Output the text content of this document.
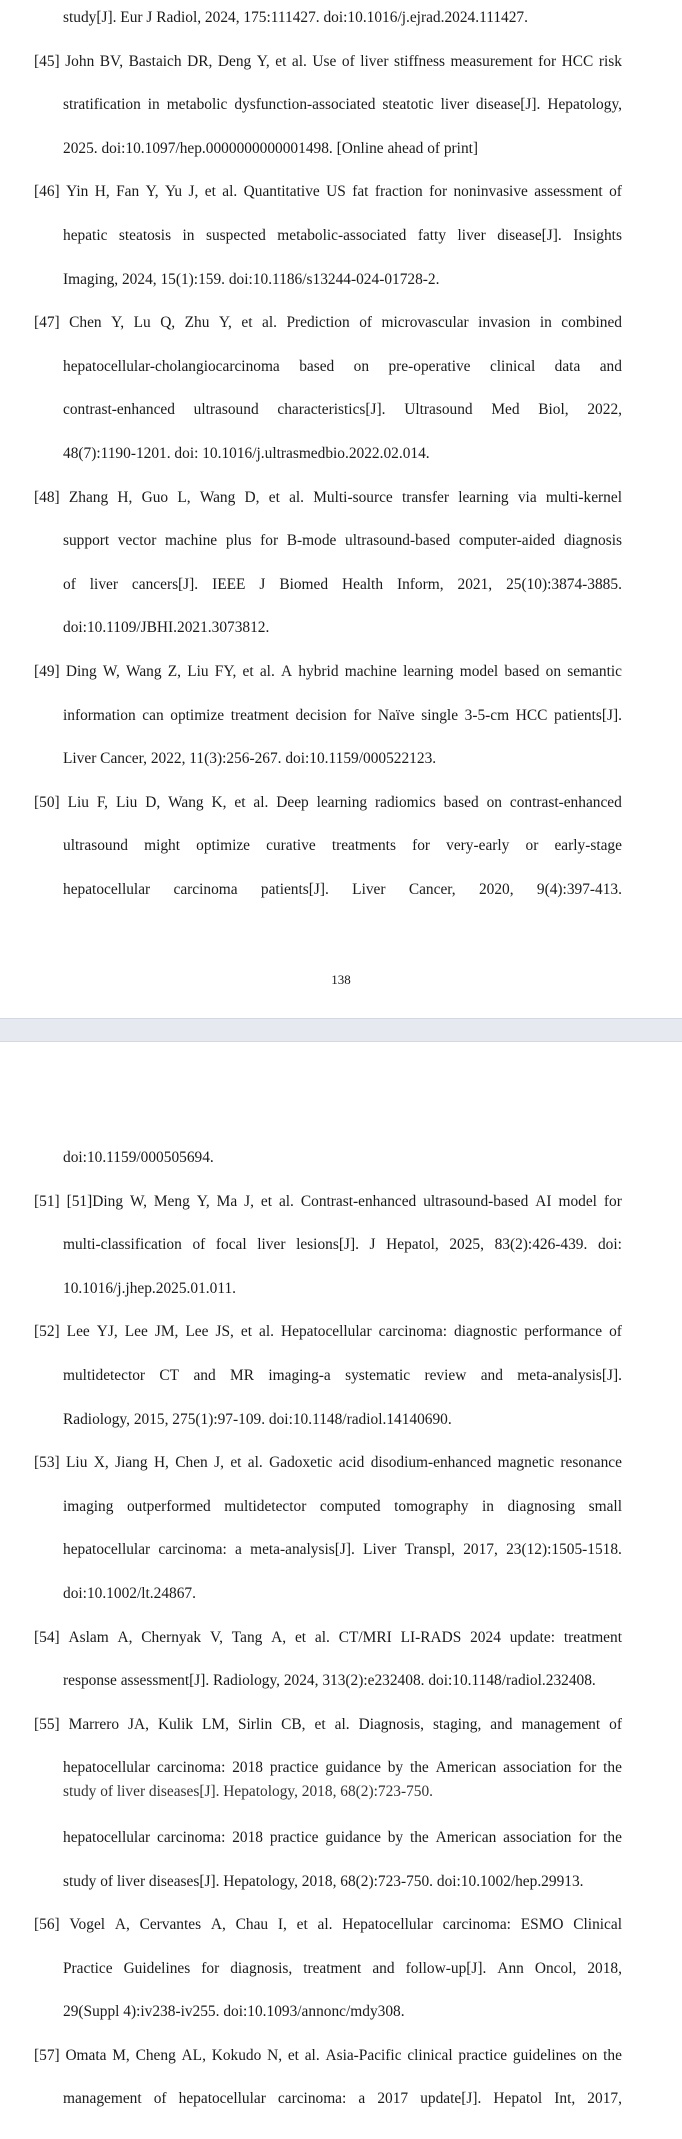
study[J]. Eur J Radiol, 2024, 175:111427. doi:10.1016/j.ejrad.2024.111427.
[45] John BV, Bastaich DR, Deng Y, et al. Use of liver stiffness measurement for HCC risk
stratification in metabolic dysfunction-associated steatotic liver disease[J]. Hepatology,
2025. doi:10.1097/hep.0000000000001498. [Online ahead of print]
[46] Yin H, Fan Y, Yu J, et al. Quantitative US fat fraction for noninvasive assessment of
hepatic steatosis in suspected metabolic-associated fatty liver disease[J]. Insights
Imaging, 2024, 15(1):159. doi:10.1186/s13244-024-01728-2.
[47] Chen Y, Lu Q, Zhu Y, et al. Prediction of microvascular invasion in combined
hepatocellular-cholangiocarcinoma based on pre-operative clinical data and
contrast-enhanced ultrasound characteristics[J]. Ultrasound Med Biol, 2022,
48(7):1190-1201. doi: 10.1016/j.ultrasmedbio.2022.02.014.
[48] Zhang H, Guo L, Wang D, et al. Multi-source transfer learning via multi-kernel
support vector machine plus for B-mode ultrasound-based computer-aided diagnosis
of liver cancers[J]. IEEE J Biomed Health Inform, 2021, 25(10):3874-3885.
doi:10.1109/JBHI.2021.3073812.
[49] Ding W, Wang Z, Liu FY, et al. A hybrid machine learning model based on semantic
information can optimize treatment decision for Naïve single 3-5-cm HCC patients[J].
Liver Cancer, 2022, 11(3):256-267. doi:10.1159/000522123.
[50] Liu F, Liu D, Wang K, et al. Deep learning radiomics based on contrast-enhanced
ultrasound might optimize curative treatments for very-early or early-stage
hepatocellular carcinoma patients[J]. Liver Cancer, 2020, 9(4):397-413.
138
doi:10.1159/000505694.
[51] [51]Ding W, Meng Y, Ma J, et al. Contrast-enhanced ultrasound-based AI model for
multi-classification of focal liver lesions[J]. J Hepatol, 2025, 83(2):426-439. doi:
10.1016/j.jhep.2025.01.011.
[52] Lee YJ, Lee JM, Lee JS, et al. Hepatocellular carcinoma: diagnostic performance of
multidetector CT and MR imaging-a systematic review and meta-analysis[J].
Radiology, 2015, 275(1):97-109. doi:10.1148/radiol.14140690.
[53] Liu X, Jiang H, Chen J, et al. Gadoxetic acid disodium-enhanced magnetic resonance
imaging outperformed multidetector computed tomography in diagnosing small
hepatocellular carcinoma: a meta-analysis[J]. Liver Transpl, 2017, 23(12):1505-1518.
doi:10.1002/lt.24867.
[54] Aslam A, Chernyak V, Tang A, et al. CT/MRI LI-RADS 2024 update: treatment
response assessment[J]. Radiology, 2024, 313(2):e232408. doi:10.1148/radiol.232408.
[55] Marrero JA, Kulik LM, Sirlin CB, et al. Diagnosis, staging, and management of
hepatocellular carcinoma: 2018 practice guidance by the American association for the
study of liver diseases[J]. Hepatology, 2018, 68(2):723-750.
hepatocellular carcinoma: 2018 practice guidance by the American association for the
study of liver diseases[J]. Hepatology, 2018, 68(2):723-750. doi:10.1002/hep.29913.
[56] Vogel A, Cervantes A, Chau I, et al. Hepatocellular carcinoma: ESMO Clinical
Practice Guidelines for diagnosis, treatment and follow-up[J]. Ann Oncol, 2018,
29(Suppl 4):iv238-iv255. doi:10.1093/annonc/mdy308.
[57] Omata M, Cheng AL, Kokudo N, et al. Asia-Pacific clinical practice guidelines on the
management of hepatocellular carcinoma: a 2017 update[J]. Hepatol Int, 2017,
